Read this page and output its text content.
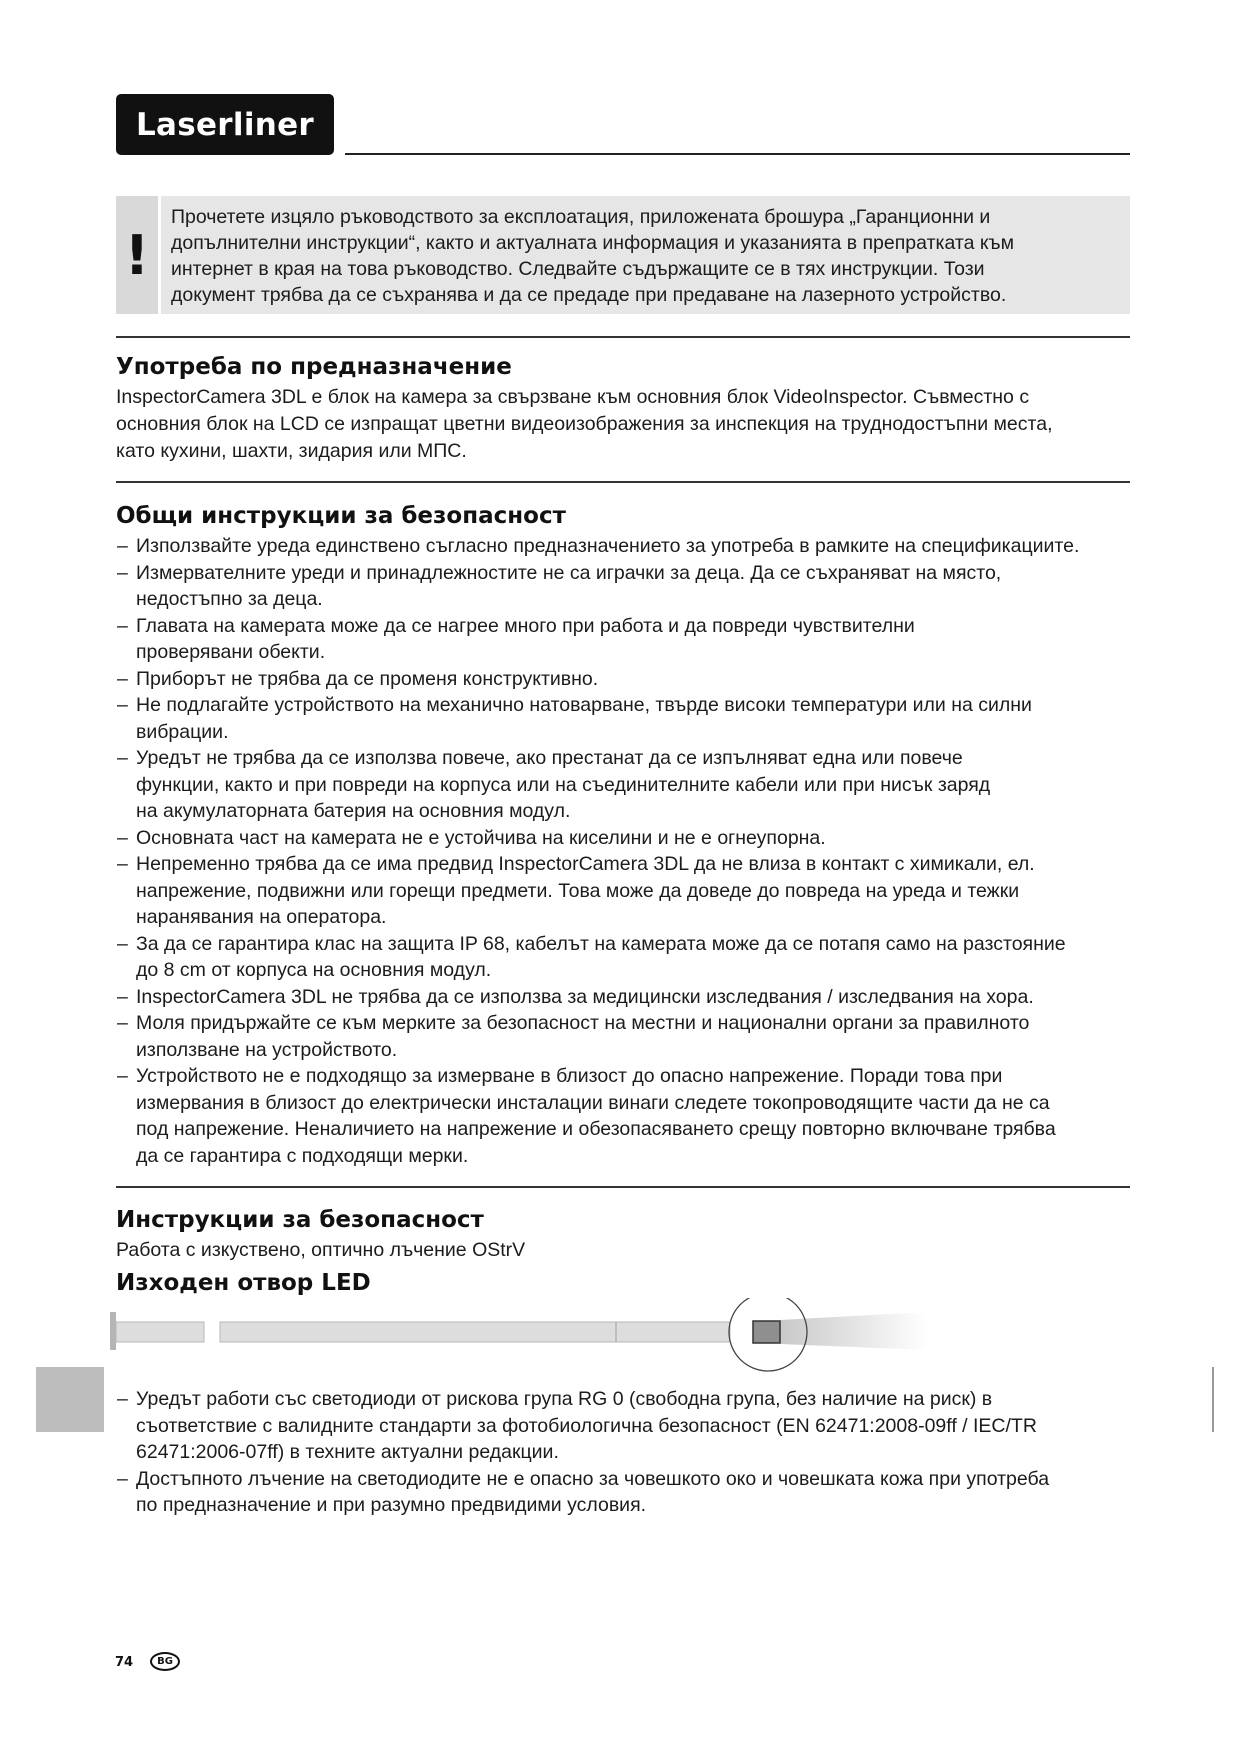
Laserliner
!
Прочетете изцяло ръководството за експлоатация, приложената брошура „Гаранционни и
допълнителни инструкции“, както и актуалната информация и указанията в препратката към
интернет в края на това ръководство. Следвайте съдържащите се в тях инструкции. Този
документ трябва да се съхранява и да се предаде при предаване на лазерното устройство.
Употреба по предназначение
InspectorCamera 3DL е блок на камера за свързване към основния блок VideoInspector. Съвместно с
основния блок на LCD се изпращат цветни видеоизображения за инспекция на труднодостъпни места,
като кухини, шахти, зидария или МПС.
Общи инструкции за безопасност
– Използвайте уреда единствено съгласно предназначението за употреба в рамките на спецификациите.
– Измервателните уреди и принадлежностите не са играчки за деца. Да се съхраняват на място,
недостъпно за деца.
– Главата на камерата може да се нагрее много при работа и да повреди чувствителни
проверявани обекти.
– Приборът не трябва да се променя конструктивно.
– Не подлагайте устройството на механично натоварване, твърде високи температури или на силни
вибрации.
– Уредът не трябва да се използва повече, ако престанат да се изпълняват една или повече
функции, както и при повреди на корпуса или на съединителните кабели или при нисък заряд
на акумулаторната батерия на основния модул.
– Основната част на камерата не е устойчива на киселини и не е огнеупорна.
– Непременно трябва да се има предвид InspectorCamera 3DL да не влиза в контакт с химикали, ел.
напрежение, подвижни или горещи предмети. Това може да доведе до повреда на уреда и тежки
наранявания на оператора.
– За да се гарантира клас на защита IP 68, кабелът на камерата може да се потапя само на разстояние
до 8 cm от корпуса на основния модул.
– InspectorCamera 3DL не трябва да се използва за медицински изследвания / изследвания на хора.
– Моля придържайте се към мерките за безопасност на местни и национални органи за правилното
използване на устройството.
– Устройството не е подходящо за измерване в близост до опасно напрежение. Поради това при
измервания в близост до електрически инсталации винаги следете токопроводящите части да не са
под напрежение. Неналичието на напрежение и обезопасяването срещу повторно включване трябва
да се гарантира с подходящи мерки.
Инструкции за безопасност
Работа с изкуствено, оптично лъчение OStrV
Изходен отвор LED
– Уредът работи със светодиоди от рискова група RG 0 (свободна група, без наличие на риск) в
съответствие с валидните стандарти за фотобиологична безопасност (EN 62471:2008-09ff / IEC/TR
62471:2006-07ff) в техните актуални редакции.
– Достъпното лъчение на светодиодите не е опасно за човешкото око и човешката кожа при употреба
по предназначение и при разумно предвидими условия.
74	BG
